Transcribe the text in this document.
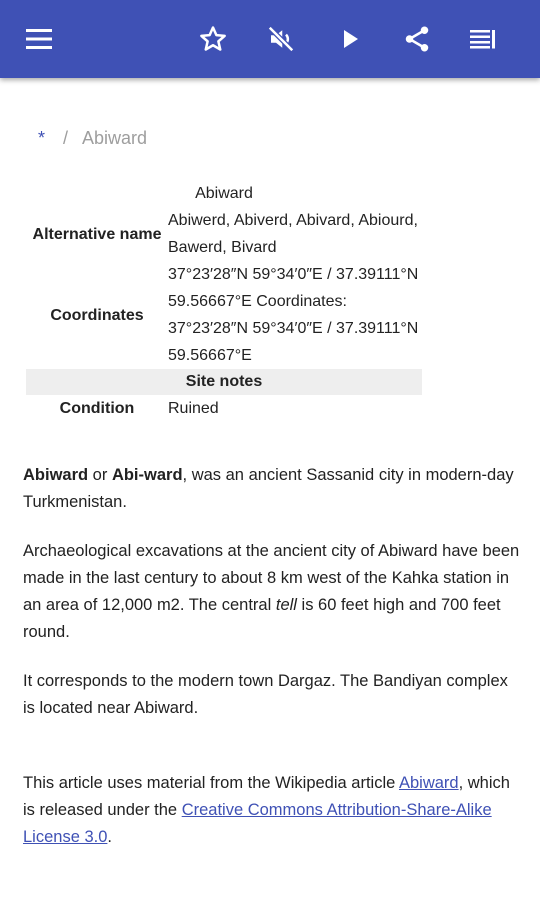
* / Abiward
Abiward
Alternative name
Abiwerd, Abiverd, Abivard, Abiourd, Bawerd, Bivard
Coordinates
37°23′28″N 59°34′0″E / 37.39111°N 59.56667°E Coordinates: 37°23′28″N 59°34′0″E / 37.39111°N 59.56667°E
Site notes
Condition	Ruined

Abiward or Abi-ward, was an ancient Sassanid city in modern-day Turkmenistan.

Archaeological excavations at the ancient city of Abiward have been made in the last century to about 8 km west of the Kahka station in an area of 12,000 m2. The central tell is 60 feet high and 700 feet round.

It corresponds to the modern town Dargaz. The Bandiyan complex is located near Abiward.

This article uses material from the Wikipedia article Abiward, which is released under the Creative Commons Attribution-Share-Alike License 3.0.
